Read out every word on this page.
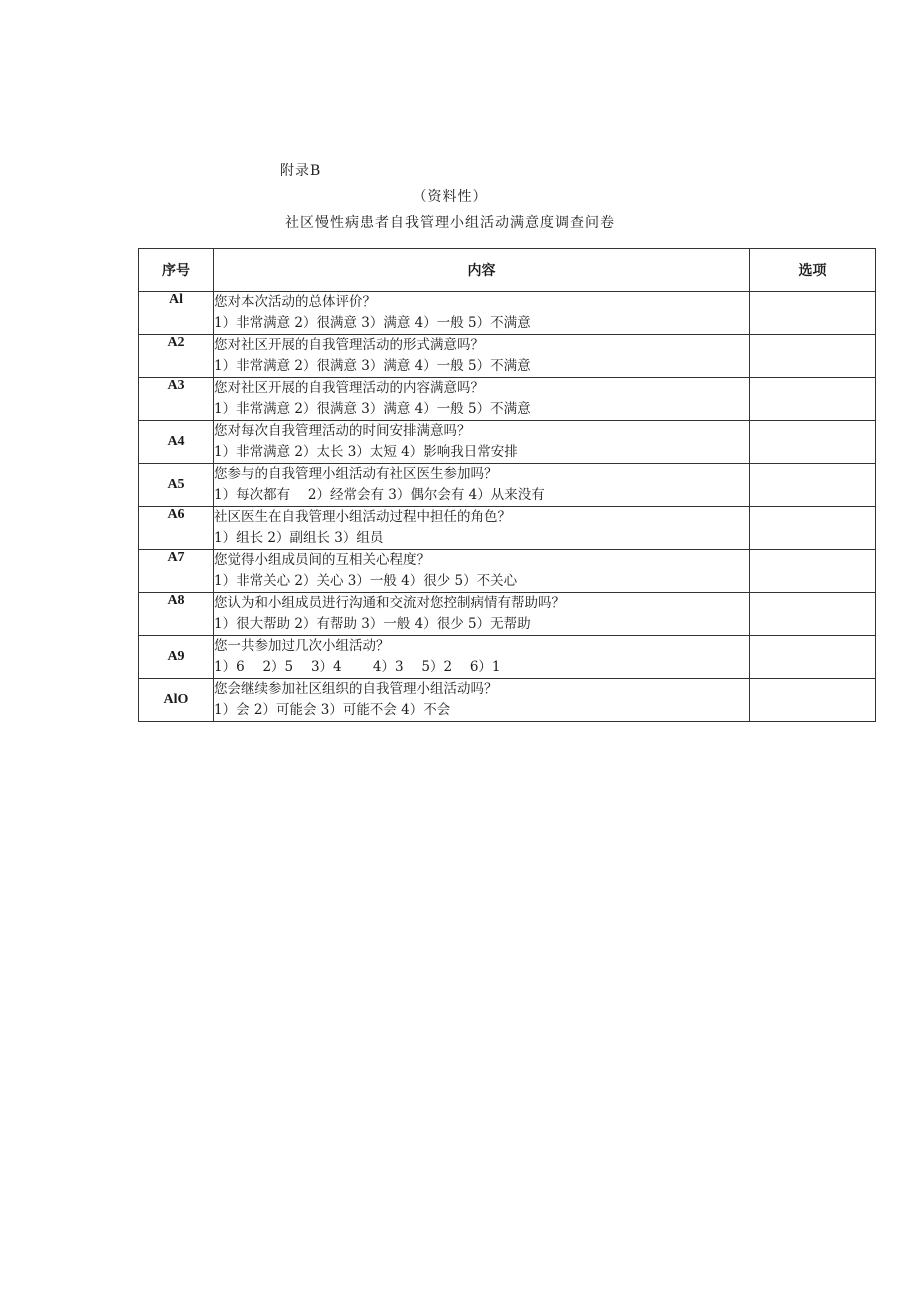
附录B
（资料性）
社区慢性病患者自我管理小组活动满意度调查问卷
序号	内容	选项
Al	您对本次活动的总体评价？
1）非常满意 2）很满意 3）满意 4）一般 5）不满意	

A2	您对社区开展的自我管理活动的形式满意吗？
1）非常满意 2）很满意 3）满意 4）一般 5）不满意	

A3	您对社区开展的自我管理活动的内容满意吗？
1）非常满意 2）很满意 3）满意 4）一般 5）不满意	

A4	您对每次自我管理活动的时间安排满意吗？
1）非常满意 2）太长 3）太短 4）影响我日常安排	

A5	您参与的自我管理小组活动有社区医生参加吗？
1）每次都有　 2）经常会有 3）偶尔会有 4）从来没有	

A6	社区医生在自我管理小组活动过程中担任的角色？
1）组长 2）副组长 3）组员	

A7	您觉得小组成员间的互相关心程度？
1）非常关心 2）关心 3）一般 4）很少 5）不关心	

A8	您认为和小组成员进行沟通和交流对您控制病情有帮助吗？
1）很大帮助 2）有帮助 3）一般 4）很少 5）无帮助	

A9	您一共参加过几次小组活动？
1）6　 2）5　 3）4　　 4）3　 5）2　 6）1	

AlO	您会继续参加社区组织的自我管理小组活动吗？
1）会 2）可能会 3）可能不会 4）不会	
